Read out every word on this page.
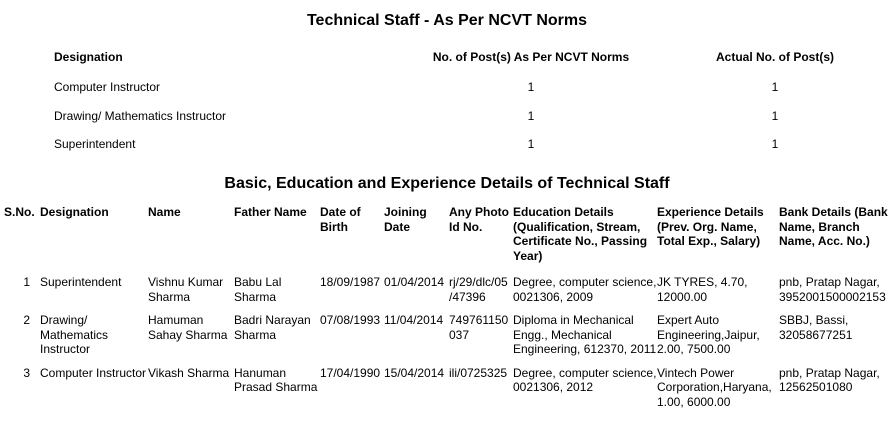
Technical Staff - As Per NCVT Norms
Designation	No. of Post(s) As Per NCVT Norms	Actual No. of Post(s)
Computer Instructor	1	1
Drawing/ Mathematics Instructor	1	1
Superintendent	1	1
Basic, Education and Experience Details of Technical Staff
S.No.	Designation	Name	Father Name	Date of Birth	Joining Date	Any Photo Id No.	Education Details (Qualification, Stream, Certificate No., Passing Year)	Experience Details (Prev. Org. Name, Total Exp., Salary)	Bank Details (Bank Name, Branch Name, Acc. No.)
1	Superintendent	Vishnu Kumar Sharma	Babu Lal Sharma	18/09/1987	01/04/2014	rj/29/dlc/05 /47396	Degree, computer science, 0021306, 2009	JK TYRES, 4.70, 12000.00	pnb, Pratap Nagar, 3952001500002153
2	Drawing/ Mathematics Instructor	Hamuman Sahay Sharma	Badri Narayan Sharma	07/08/1993	11/04/2014	749761150 037	Diploma in Mechanical Engg., Mechanical Engineering, 612370, 2011	Expert Auto Engineering,Jaipur, 2.00, 7500.00	SBBJ, Bassi, 32058677251
3	Computer Instructor	Vikash Sharma	Hanuman Prasad Sharma	17/04/1990	15/04/2014	ili/0725325	Degree, computer science, 0021306, 2012	Vintech Power Corporation,Haryana, 1.00, 6000.00	pnb, Pratap Nagar, 12562501080
